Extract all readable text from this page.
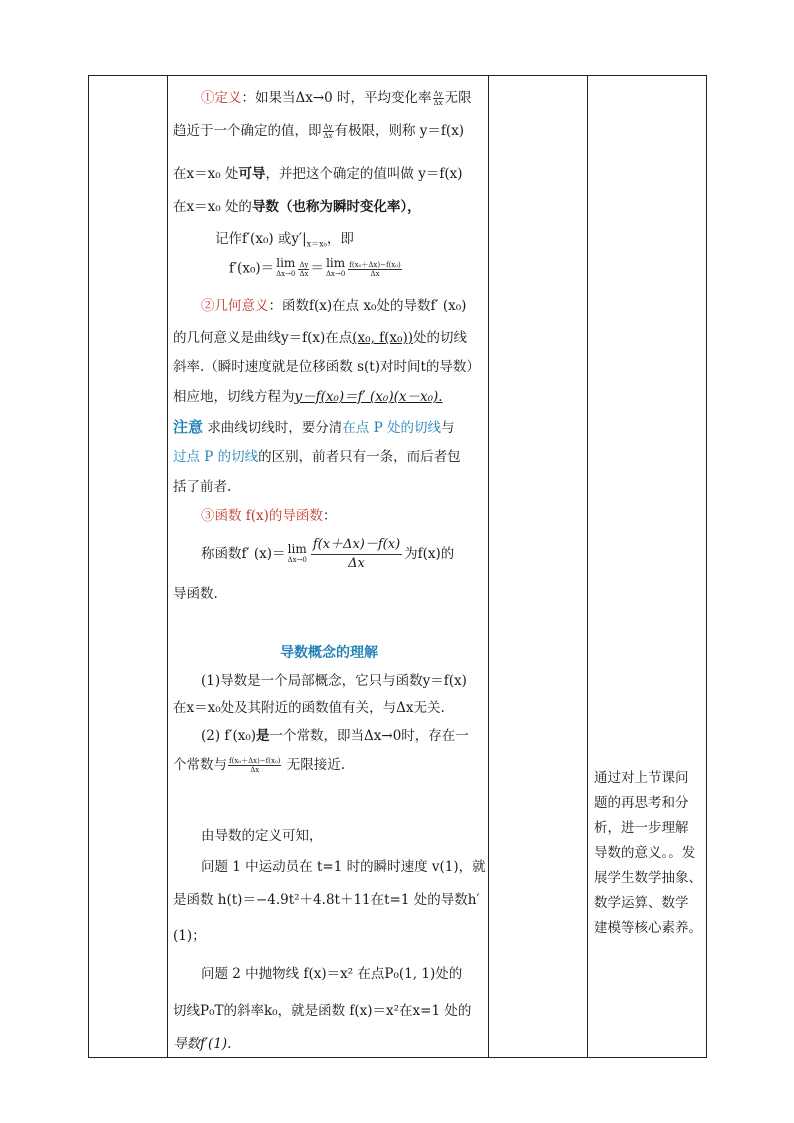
①定义：如果当Δx→0 时，平均变化率 $\frac{\Delta y}{\Delta x}$ 无限
趋近于一个确定的值，即 $\frac{\Delta y}{\Delta x}$ 有极限，则称 y＝f(x)
在x＝x₀ 处可导，并把这个确定的值叫做 y＝f(x)
在x＝x₀ 处的导数（也称为瞬时变化率），
记作f′(x₀) 或$y'|_{x=x_0}$，即
f′(x₀)＝ lim
$\Delta x\to 0 \frac{\Delta y}{\Delta x} = \lim$
$\Delta x\to 0 \frac{\text{f(x₀＋Δx)−f(x₀)}}{\Delta x}$
②几何意义：函数f(x)在点 x₀处的导数f′ (x₀)
的几何意义是曲线y＝f(x)在点(x₀, f(x₀))处的切线
斜率.（瞬时速度就是位移函数 s(t)对时间t的导数）
相应地，切线方程为y－f(x₀)＝f′ (x₀)(x－x₀).
注意 求曲线切线时，要分清在点 P 处的切线与
过点 P 的切线的区别，前者只有一条，而后者包
括了前者.
③函数 f(x)的导函数：
称函数f′ (x)＝ lim
$\Delta x\to 0 \frac{f(x+\Delta x)-f(x)}{\Delta x}$ 为f(x)的
导函数.
导数概念的理解
(1)导数是一个局部概念，它只与函数y＝f(x)
在x＝x₀处及其附近的函数值有关，与Δx无关.
(2) f′(x₀)是一个常数，即当Δx→0时，存在一
个常数与 $\frac{\text{f(x₀＋Δx)−f(x₀)}}{\Delta x}$ 无限接近.
由导数的定义可知，
问题 1 中运动员在 t=1 时的瞬时速度 v(1)，就
是函数 h(t)＝−4.9t²＋4.8t＋11在t=1 处的导数h′
(1)；
问题 2 中抛物线 f(x)＝x² 在点P₀(1, 1)处的
切线P₀T的斜率k₀，就是函数 f(x)＝x²在x=1 处的
导数f′(1).
通过对上节课问
题的再思考和分
析，进一步理解
导数的意义。。发
展学生数学抽象、
数学运算、数学
建模等核心素养。
